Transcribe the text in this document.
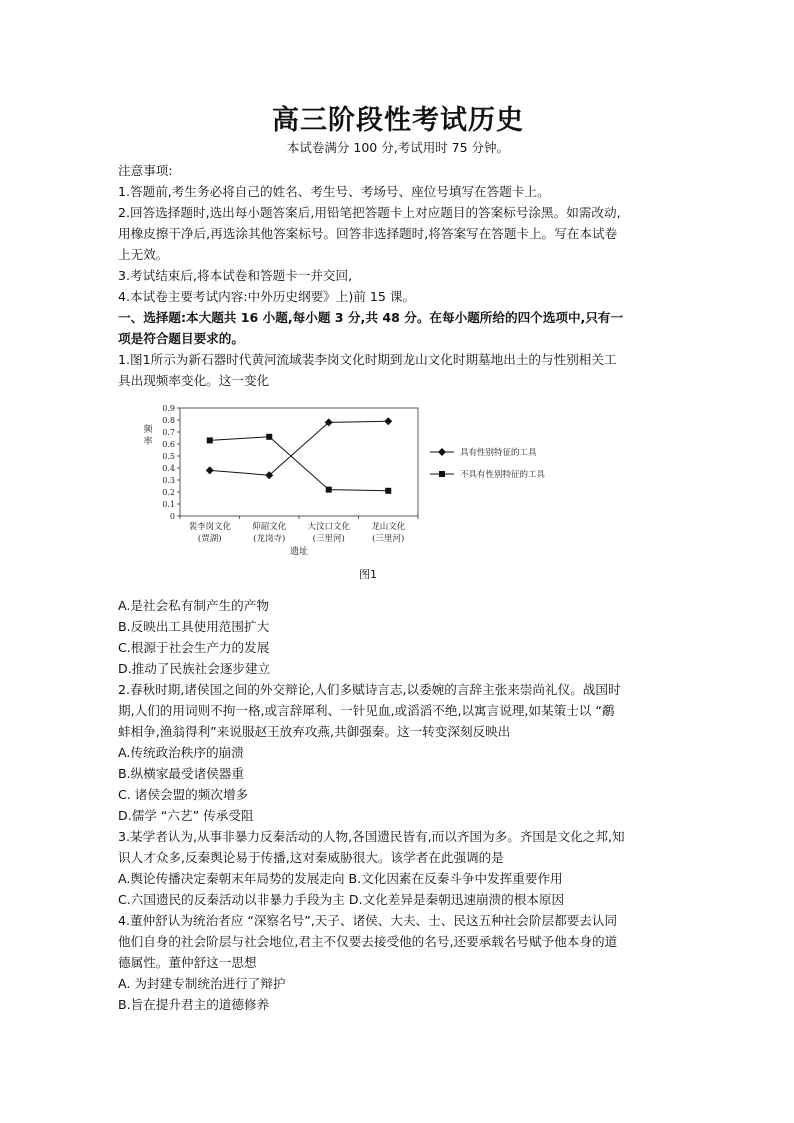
高三阶段性考试历史
本试卷满分 100 分,考试用时 75 分钟。
注意事项:
1.答题前,考生务必将自己的姓名、考生号、考场号、座位号填写在答题卡上。
2.回答选择题时,选出每小题答案后,用铅笔把答题卡上对应题目的答案标号涂黑。如需改动,
用橡皮擦干净后,再选涂其他答案标号。回答非选择题时,将答案写在答题卡上。写在本试卷
上无效。
3.考试结束后,将本试卷和答题卡一并交回,
4.本试卷主要考试内容:中外历史纲要》上)前 15 课。
一、选择题:本大题共 16 小题,每小题 3 分,共 48 分。在每小题所给的四个选项中,只有一
项是符合题目要求的。
1.图1所示为新石器时代黄河流域裴李岗文化时期到龙山文化时期墓地出土的与性别相关工
具出现频率变化。这一变化
0
0.1
0.2
0.3
0.4
0.5
0.6
0.7
0.8
0.9
频
率
裴李岗文化
(贾湖)
仰韶文化
(龙岗寺)
大汶口文化
(三里河)
龙山文化
(三里河)
遗址
具有性别特征的工具
不具有性别特征的工具
图1
A.是社会私有制产生的产物
B.反映出工具使用范围扩大
C.根源于社会生产力的发展
D.推动了民族社会逐步建立
2.春秋时期,诸侯国之间的外交辩论,人们多赋诗言志,以委婉的言辞主张来崇尚礼仪。战国时
期,人们的用词则不拘一格,或言辞犀利、一针见血,或滔滔不绝,以寓言说理,如某策士以 “鹬
蚌相争,渔翁得利”来说服赵王放弃攻燕,共御强秦。这一转变深刻反映出
A.传统政治秩序的崩溃
B.纵横家最受诸侯器重
C. 诸侯会盟的频次增多
D.儒学 “六艺” 传承受阻
3.某学者认为,从事非暴力反秦活动的人物,各国遗民皆有,而以齐国为多。齐国是文化之邦,知
识人才众多,反秦舆论易于传播,这对秦威胁很大。该学者在此强调的是
A.舆论传播决定秦朝末年局势的发展走向 B.文化因素在反秦斗争中发挥重要作用
C.六国遗民的反秦活动以非暴力手段为主 D.文化差异是秦朝迅速崩溃的根本原因
4.董仲舒认为统治者应 “深察名号”,天子、诸侯、大夫、士、民这五种社会阶层都要去认同
他们自身的社会阶层与社会地位,君主不仅要去接受他的名号,还要承载名号赋予他本身的道
德属性。董仲舒这一思想
A. 为封建专制统治进行了辩护
B.旨在提升君主的道德修养
